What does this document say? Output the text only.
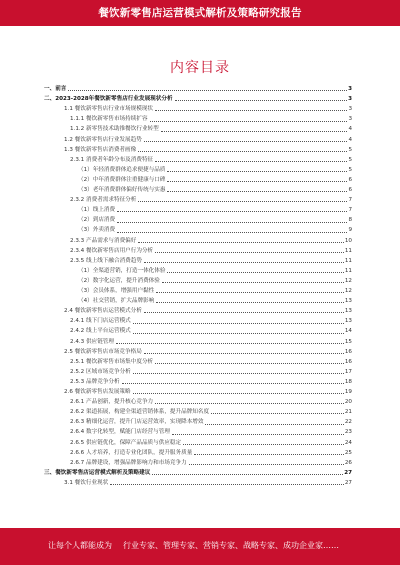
餐饮新零售店运营模式解析及策略研究报告
内容目录
一、前言	3
二、2023-2028年餐饮新零售店行业发展现状分析	3
1.1 餐饮新零售店行业市场规模现状	3
1.1.1 餐饮新零售市场持续扩容	3
1.1.2 新零售技术助推餐饮行业转型	4
1.2 餐饮新零售店行业发展趋势	4
1.3 餐饮新零售店消费者画像	5
2.3.1 消费者年龄分布及消费特征	5
（1）年轻消费群体追求便捷与品质	5
（2）中年消费群体注重健康与口碑	6
（3）老年消费群体偏好传统与实惠	6
2.3.2 消费者需求特征分析	7
（1）线上消费	7
（2）到店消费	8
（3）外卖消费	9
2.3.3 产品需求与消费偏好	10
2.3.4 餐饮新零售店用户行为分析	11
2.3.5 线上线下融合消费趋势	11
（1）全渠道营销，打造一体化体验	11
（2）数字化运营，提升消费体验	12
（3）会员体系，增强用户黏性	12
（4）社交营销，扩大品牌影响	13
2.4 餐饮新零售店运营模式分析	13
2.4.1 线下门店运营模式	13
2.4.2 线上平台运营模式	14
2.4.3 供应链管理	15
2.5 餐饮新零售店市场竞争格局	16
2.5.1 餐饮新零售市场集中度分析	16
2.5.2 区域市场竞争分析	17
2.5.3 品牌竞争分析	18
2.6 餐饮新零售店发展策略	19
2.6.1 产品创新，提升核心竞争力	20
2.6.2 渠道拓展，构建全渠道营销体系，提升品牌知名度	21
2.6.3 精细化运营，提升门店运营效率，实现降本增效	22
2.6.4 数字化转型，赋能门店经营与管理	23
2.6.5 供应链优化，保障产品品质与供应稳定	24
2.6.6 人才培养，打造专业化团队，提升服务质量	25
2.6.7 品牌建设，增强品牌影响力和市场竞争力	26
三、餐饮新零售店运营模式解析及策略建议	27
3.1 餐饮行业现状	27
让每个人都能成为 行业专家、管理专家、营销专家、战略专家、成功企业家……
